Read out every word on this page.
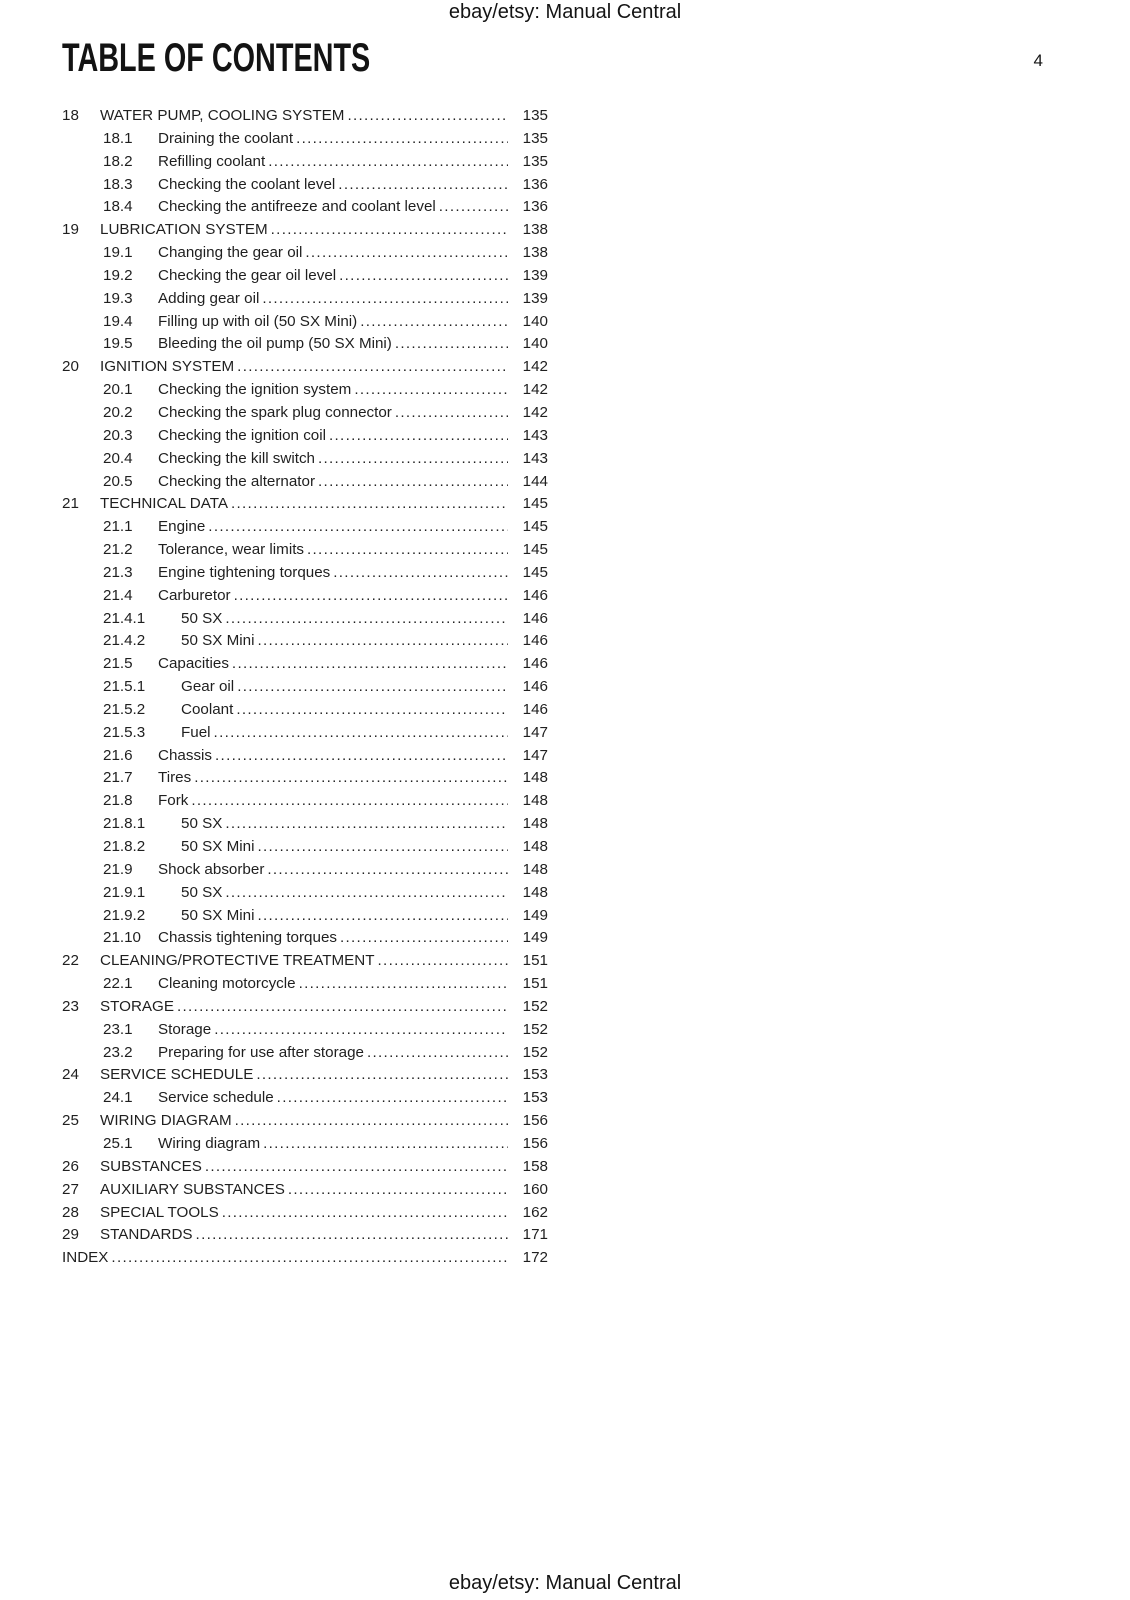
ebay/etsy: Manual Central
TABLE OF CONTENTS	4
18	WATER PUMP, COOLING SYSTEM .....	135
18.1	Draining the coolant .....	135
18.2	Refilling coolant .....	135
18.3	Checking the coolant level .....	136
18.4	Checking the antifreeze and coolant level .....	136
19	LUBRICATION SYSTEM .....	138
19.1	Changing the gear oil .....	138
19.2	Checking the gear oil level .....	139
19.3	Adding gear oil .....	139
19.4	Filling up with oil (50 SX Mini) .....	140
19.5	Bleeding the oil pump (50 SX Mini) .....	140
20	IGNITION SYSTEM .....	142
20.1	Checking the ignition system .....	142
20.2	Checking the spark plug connector .....	142
20.3	Checking the ignition coil .....	143
20.4	Checking the kill switch .....	143
20.5	Checking the alternator .....	144
21	TECHNICAL DATA .....	145
21.1	Engine .....	145
21.2	Tolerance, wear limits .....	145
21.3	Engine tightening torques .....	145
21.4	Carburetor .....	146
21.4.1	50 SX .....	146
21.4.2	50 SX Mini .....	146
21.5	Capacities .....	146
21.5.1	Gear oil .....	146
21.5.2	Coolant .....	146
21.5.3	Fuel .....	147
21.6	Chassis .....	147
21.7	Tires .....	148
21.8	Fork .....	148
21.8.1	50 SX .....	148
21.8.2	50 SX Mini .....	148
21.9	Shock absorber .....	148
21.9.1	50 SX .....	148
21.9.2	50 SX Mini .....	149
21.10	Chassis tightening torques .....	149
22	CLEANING/PROTECTIVE TREATMENT .....	151
22.1	Cleaning motorcycle .....	151
23	STORAGE .....	152
23.1	Storage .....	152
23.2	Preparing for use after storage .....	152
24	SERVICE SCHEDULE .....	153
24.1	Service schedule .....	153
25	WIRING DIAGRAM .....	156
25.1	Wiring diagram .....	156
26	SUBSTANCES .....	158
27	AUXILIARY SUBSTANCES .....	160
28	SPECIAL TOOLS .....	162
29	STANDARDS .....	171
INDEX .....	172
ebay/etsy: Manual Central
